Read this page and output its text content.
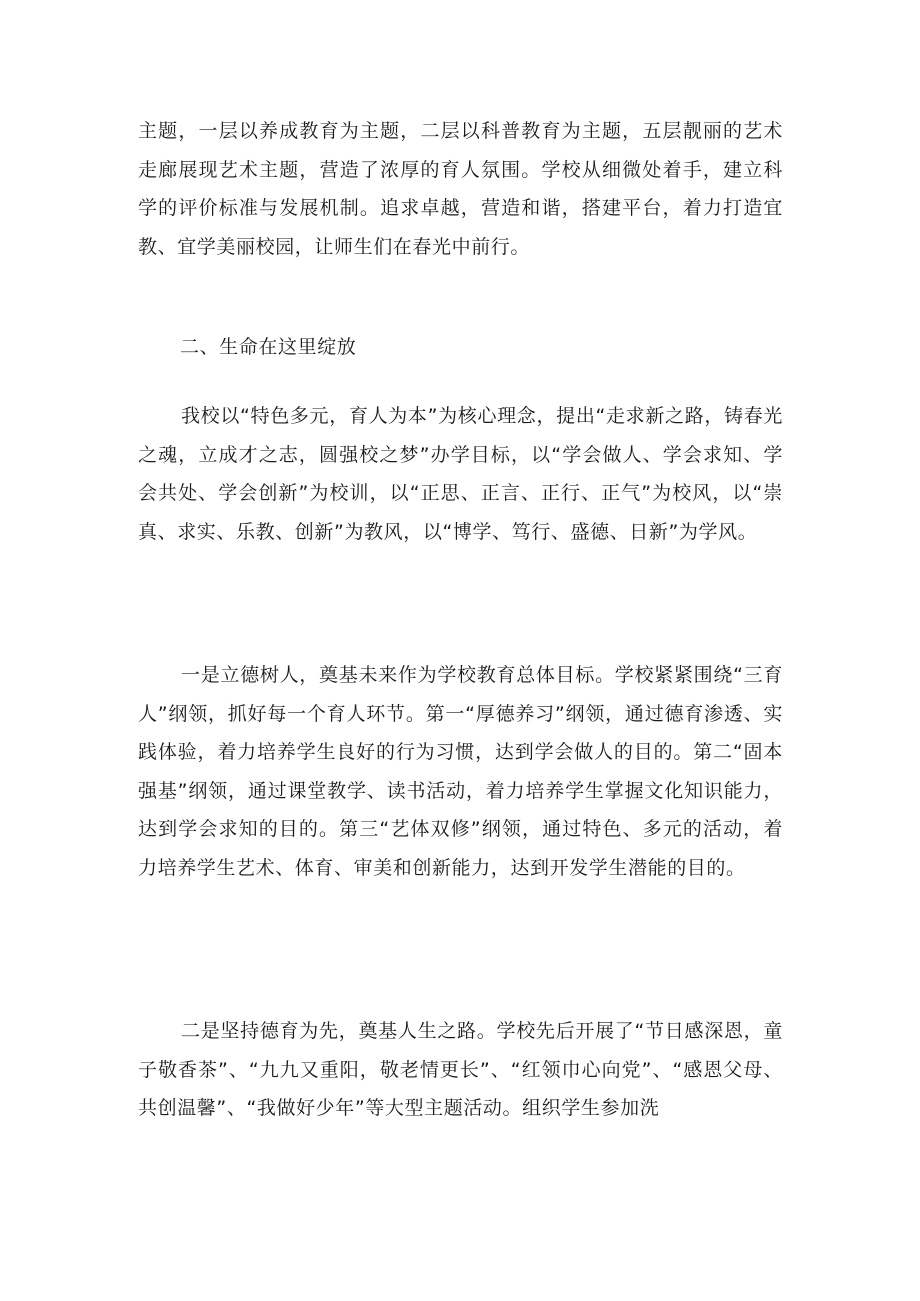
主题，一层以养成教育为主题，二层以科普教育为主题，五层靓丽的艺术走廊展现艺术主题，营造了浓厚的育人氛围。学校从细微处着手，建立科学的评价标准与发展机制。追求卓越，营造和谐，搭建平台，着力打造宜教、宜学美丽校园，让师生们在春光中前行。

二、生命在这里绽放

我校以“特色多元，育人为本”为核心理念，提出“走求新之路，铸春光之魂，立成才之志，圆强校之梦”办学目标，以“学会做人、学会求知、学会共处、学会创新”为校训，以“正思、正言、正行、正气”为校风，以“崇真、求实、乐教、创新”为教风，以“博学、笃行、盛德、日新”为学风。

一是立德树人，奠基未来作为学校教育总体目标。学校紧紧围绕“三育人”纲领，抓好每一个育人环节。第一“厚德养习”纲领，通过德育渗透、实践体验，着力培养学生良好的行为习惯，达到学会做人的目的。第二“固本强基”纲领，通过课堂教学、读书活动，着力培养学生掌握文化知识能力，达到学会求知的目的。第三“艺体双修”纲领，通过特色、多元的活动，着力培养学生艺术、体育、审美和创新能力，达到开发学生潜能的目的。

二是坚持德育为先，奠基人生之路。学校先后开展了“节日感深恩，童子敬香茶”、“九九又重阳，敬老情更长”、“红领巾心向党”、“感恩父母、共创温馨”、“我做好少年”等大型主题活动。组织学生参加洗
